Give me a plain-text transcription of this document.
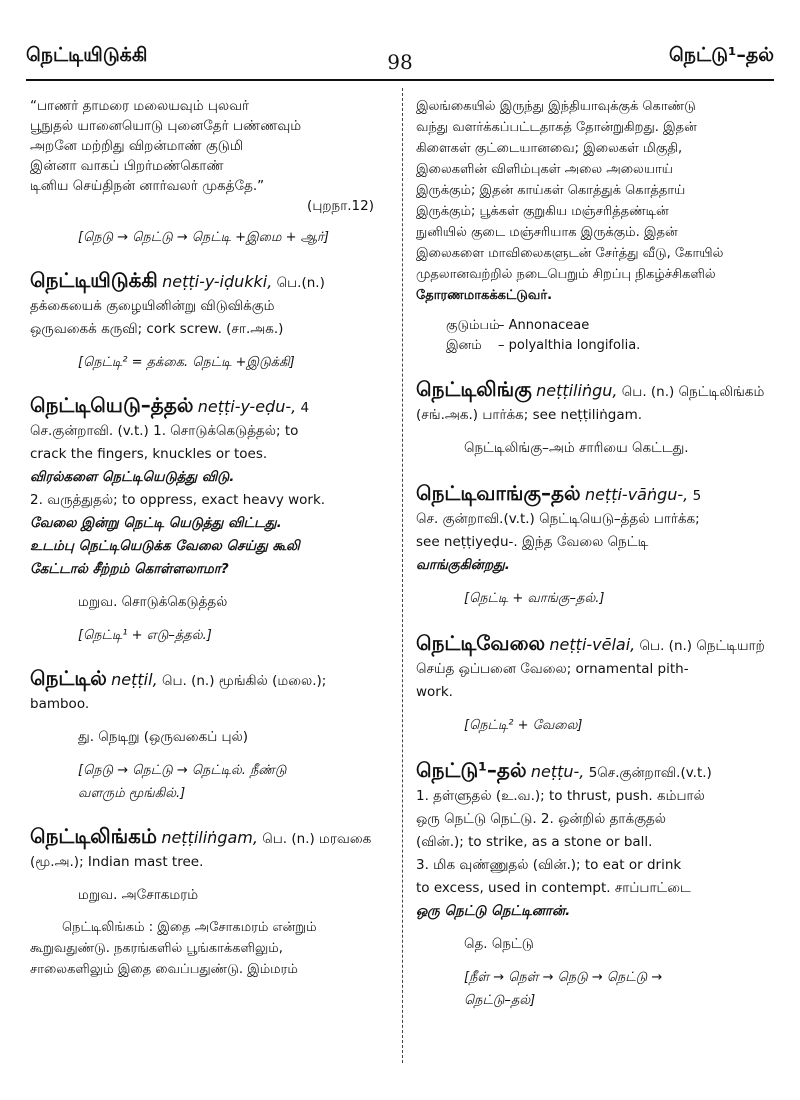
நெட்டியிடுக்கி	98	நெட்டு¹–தல்
“பாணர் தாமரை மலையவும் புலவர்
பூநுதல் யானையொடு புனைதேர் பண்ணவும்
அறனே மற்றிது விறன்மாண் குடுமி
இன்னா வாகப் பிறர்மண்கொண்
டினிய செய்திநன் னார்வலர் முகத்தே.”
(புறநா.12)
[நெடு → நெட்டு → நெட்டி +இமை + ஆர்]
நெட்டியிடுக்கி neṭṭi-y-iḍukki, பெ.(n.)
தக்கையைக் குழையினின்று விடுவிக்கும்
ஒருவகைக் கருவி; cork screw. (சா.அக.)
[நெட்டி² = தக்கை. நெட்டி +இடுக்கி]
நெட்டியெடு–த்தல் neṭṭi-y-eḍu-, 4
செ.குன்றாவி. (v.t.) 1. சொடுக்கெடுத்தல்; to
crack the fingers, knuckles or toes.
விரல்களை நெட்டியெடுத்து விடு.
2. வருத்துதல்; to oppress, exact heavy work.
வேலை இன்று நெட்டி யெடுத்து விட்டது.
உடம்பு நெட்டியெடுக்க வேலை செய்து கூலி
கேட்டால் சீற்றம் கொள்ளலாமா?
மறுவ. சொடுக்கெடுத்தல்
[நெட்டி¹ + எடு–த்தல்.]
நெட்டில் neṭṭil, பெ. (n.) மூங்கில் (மலை.);
bamboo.
து. நெடிறு (ஒருவகைப் புல்)
[நெடு → நெட்டு → நெட்டில். நீண்டு
வளரும் மூங்கில்.]
நெட்டிலிங்கம் neṭṭiliṅgam, பெ. (n.) மரவகை
(மூ.அ.); Indian mast tree.
மறுவ. அசோகமரம்
நெட்டிலிங்கம் : இதை அசோகமரம் என்றும்
கூறுவதுண்டு. நகரங்களில் பூங்காக்களிலும்,
சாலைகளிலும் இதை வைப்பதுண்டு. இம்மரம்
இலங்கையில் இருந்து இந்தியாவுக்குக் கொண்டு
வந்து வளர்க்கப்பட்டதாகத் தோன்றுகிறது. இதன்
கிளைகள் குட்டையானவை; இலைகள் மிகுதி,
இலைகளின் விளிம்புகள் அலை அலையாய்
இருக்கும்; இதன் காய்கள் கொத்துக் கொத்தாய்
இருக்கும்; பூக்கள் குறுகிய மஞ்சரித்தண்டின்
நுனியில் குடை மஞ்சரியாக இருக்கும். இதன்
இலைகளை மாவிலைகளுடன் சேர்த்து வீடு, கோயில்
முதலானவற்றில் நடைபெறும் சிறப்பு நிகழ்ச்சிகளில்
தோரணமாகக்கட்டுவர்.
குடும்பம்– Annonaceae
இனம் – polyalthia longifolia.
நெட்டிலிங்கு neṭṭiliṅgu, பெ. (n.) நெட்டிலிங்கம்
(சங்.அக.) பார்க்க; see neṭṭiliṅgam.
நெட்டிலிங்கு–அம் சாரியை கெட்டது.
நெட்டிவாங்கு–தல் neṭṭi-vāṅgu-, 5
செ. குன்றாவி.(v.t.) நெட்டியெடு–த்தல் பார்க்க;
see neṭṭiyeḍu-. இந்த வேலை நெட்டி
வாங்குகின்றது.
[நெட்டி + வாங்கு–தல்.]
நெட்டிவேலை neṭṭi-vēlai, பெ. (n.) நெட்டியாற்
செய்த ஒப்பனை வேலை; ornamental pith-
work.
[நெட்டி² + வேலை]
நெட்டு¹–தல் neṭṭu-, 5செ.குன்றாவி.(v.t.)
1. தள்ளுதல் (உ.வ.); to thrust, push. கம்பால்
ஒரு நெட்டு நெட்டு. 2. ஒன்றில் தாக்குதல்
(வின்.); to strike, as a stone or ball.
3. மிக வுண்ணுதல் (வின்.); to eat or drink
to excess, used in contempt. சாப்பாட்டை
ஒரு நெட்டு நெட்டினான்.
தெ. நெட்டு
[நீள் → நெள் → நெடு → நெட்டு →
நெட்டு–தல்]
